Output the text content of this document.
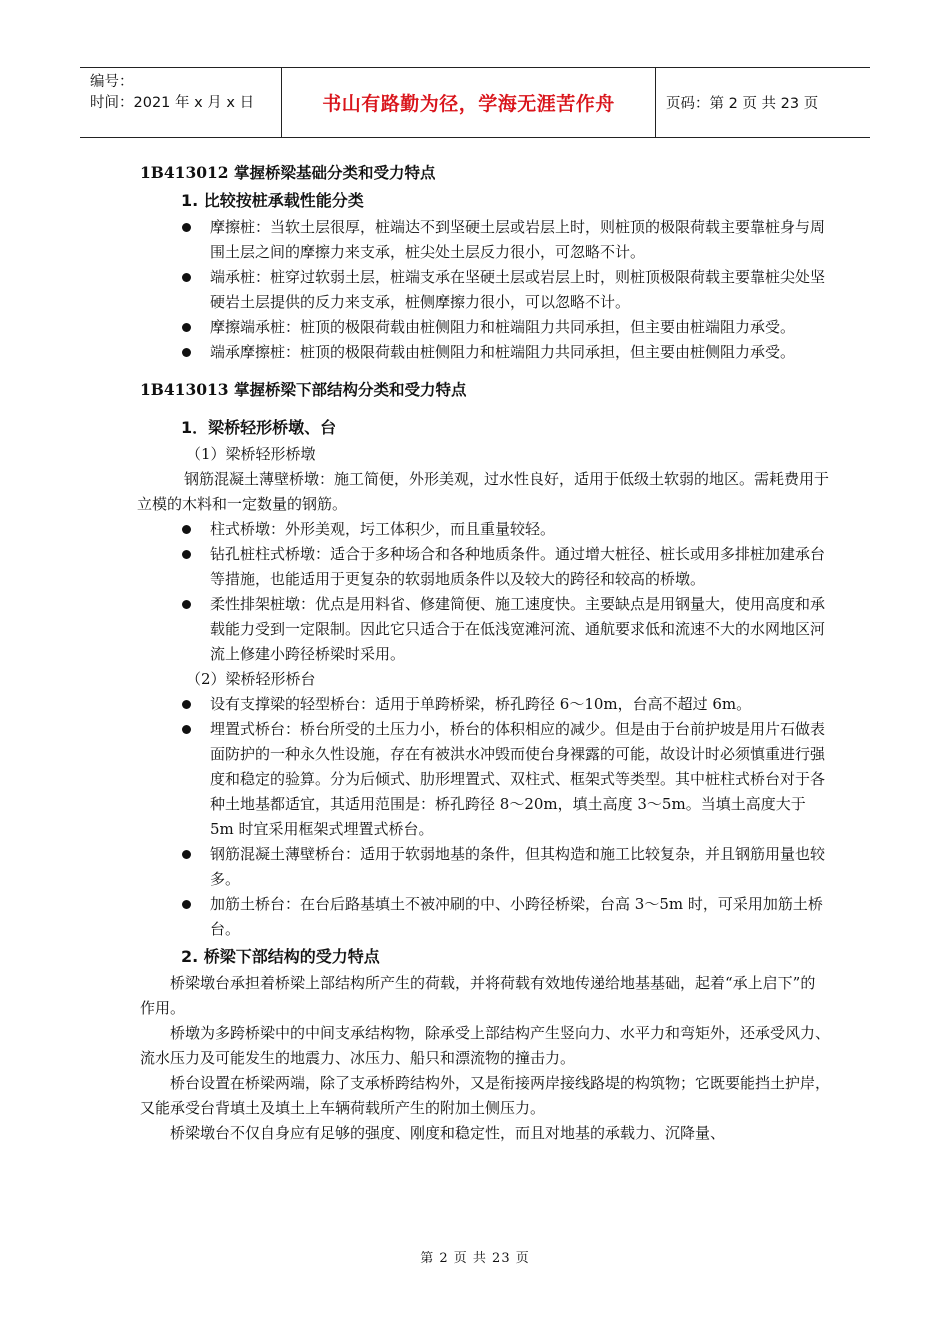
编号：
时间：2021 年 x 月 x 日	书山有路勤为径，学海无涯苦作舟	页码：第 2 页 共 23 页

1B413012 掌握桥梁基础分类和受力特点

1. 比较按桩承载性能分类

摩擦桩：当软土层很厚，桩端达不到坚硬土层或岩层上时，则桩顶的极限荷载主要靠桩身与周围土层之间的摩擦力来支承，桩尖处土层反力很小，可忽略不计。
端承桩：桩穿过软弱土层，桩端支承在坚硬土层或岩层上时，则桩顶极限荷载主要靠桩尖处坚硬岩土层提供的反力来支承，桩侧摩擦力很小，可以忽略不计。
摩擦端承桩：桩顶的极限荷载由桩侧阻力和桩端阻力共同承担，但主要由桩端阻力承受。
端承摩擦桩：桩顶的极限荷载由桩侧阻力和桩端阻力共同承担，但主要由桩侧阻力承受。

1B413013 掌握桥梁下部结构分类和受力特点

1．梁桥轻形桥墩、台

（1）梁桥轻形桥墩

钢筋混凝土薄壁桥墩：施工简便，外形美观，过水性良好，适用于低级土软弱的地区。需耗费用于立模的木料和一定数量的钢筋。

柱式桥墩：外形美观，圬工体积少，而且重量较轻。
钻孔桩柱式桥墩：适合于多种场合和各种地质条件。通过增大桩径、桩长或用多排桩加建承台等措施，也能适用于更复杂的软弱地质条件以及较大的跨径和较高的桥墩。
柔性排架桩墩：优点是用料省、修建简便、施工速度快。主要缺点是用钢量大，使用高度和承载能力受到一定限制。因此它只适合于在低浅宽滩河流、通航要求低和流速不大的水网地区河流上修建小跨径桥梁时采用。

（2）梁桥轻形桥台

设有支撑梁的轻型桥台：适用于单跨桥梁，桥孔跨径 6～10m，台高不超过 6m。
埋置式桥台：桥台所受的土压力小，桥台的体积相应的减少。但是由于台前护坡是用片石做表面防护的一种永久性设施，存在有被洪水冲毁而使台身裸露的可能，故设计时必须慎重进行强度和稳定的验算。分为后倾式、肋形埋置式、双柱式、框架式等类型。其中桩柱式桥台对于各种土地基都适宜，其适用范围是：桥孔跨径 8～20m，填土高度 3～5m。当填土高度大于 5m 时宜采用框架式埋置式桥台。
钢筋混凝土薄壁桥台：适用于软弱地基的条件，但其构造和施工比较复杂，并且钢筋用量也较多。
加筋土桥台：在台后路基填土不被冲刷的中、小跨径桥梁，台高 3～5m 时，可采用加筋土桥台。

2. 桥梁下部结构的受力特点

桥梁墩台承担着桥梁上部结构所产生的荷载，并将荷载有效地传递给地基基础，起着“承上启下”的作用。

桥墩为多跨桥梁中的中间支承结构物，除承受上部结构产生竖向力、水平力和弯矩外，还承受风力、流水压力及可能发生的地震力、冰压力、船只和漂流物的撞击力。

桥台设置在桥梁两端，除了支承桥跨结构外，又是衔接两岸接线路堤的构筑物；它既要能挡土护岸，又能承受台背填土及填土上车辆荷载所产生的附加土侧压力。

桥梁墩台不仅自身应有足够的强度、刚度和稳定性，而且对地基的承载力、沉降量、

第 2 页 共 23 页
